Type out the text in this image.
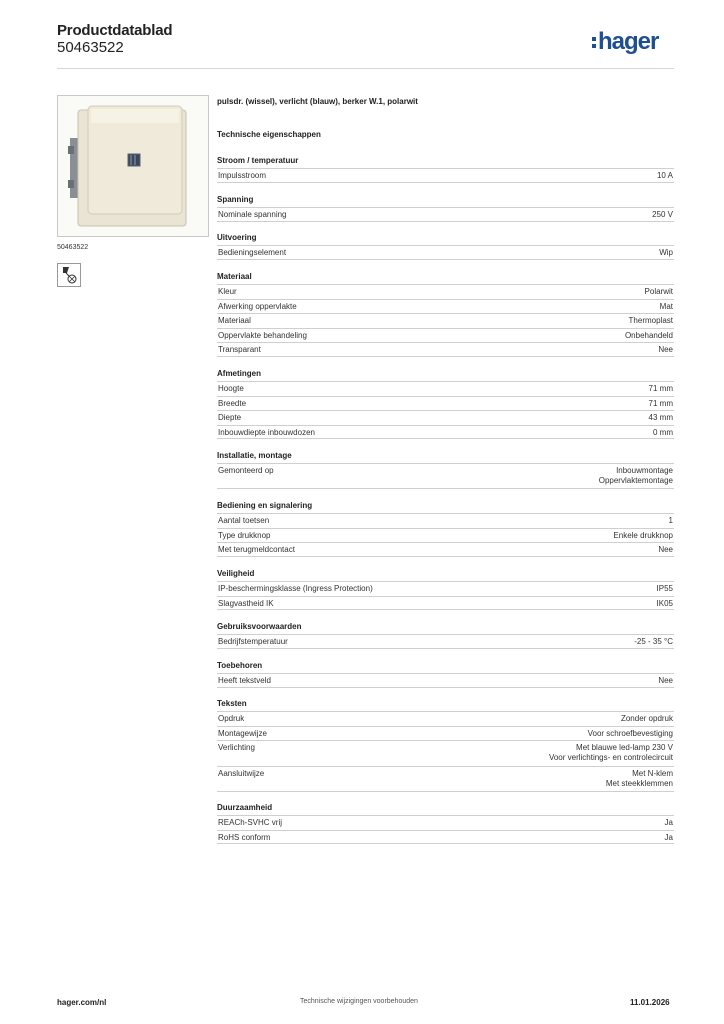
Productdatablad
50463522	hager
50463522
pulsdr. (wissel), verlicht (blauw), berker W.1, polarwit
Technische eigenschappen
Stroom / temperatuur
Impulsstroom	10 A
Spanning
Nominale spanning	250 V
Uitvoering
Bedieningselement	Wip
Materiaal
Kleur	Polarwit
Afwerking oppervlakte	Mat
Materiaal	Thermoplast
Oppervlakte behandeling	Onbehandeld
Transparant	Nee
Afmetingen
Hoogte	71 mm
Breedte	71 mm
Diepte	43 mm
Inbouwdiepte inbouwdozen	0 mm
Installatie, montage
Gemonteerd op	Inbouwmontage
Oppervlaktemontage
Bediening en signalering
Aantal toetsen	1
Type drukknop	Enkele drukknop
Met terugmeldcontact	Nee
Veiligheid
IP-beschermingsklasse (Ingress Protection)	IP55
Slagvastheid IK	IK05
Gebruiksvoorwaarden
Bedrijfstemperatuur	-25 - 35 °C
Toebehoren
Heeft tekstveld	Nee
Teksten
Opdruk	Zonder opdruk
Montagewijze	Voor schroefbevestiging
Verlichting	Met blauwe led-lamp 230 V
Voor verlichtings- en controlecircuit
Aansluitwijze	Met N-klem
Met steekklemmen
Duurzaamheid
REACh-SVHC vrij	Ja
RoHS conform	Ja
hager.com/nl	Technische wijzigingen voorbehouden	11.01.2026
